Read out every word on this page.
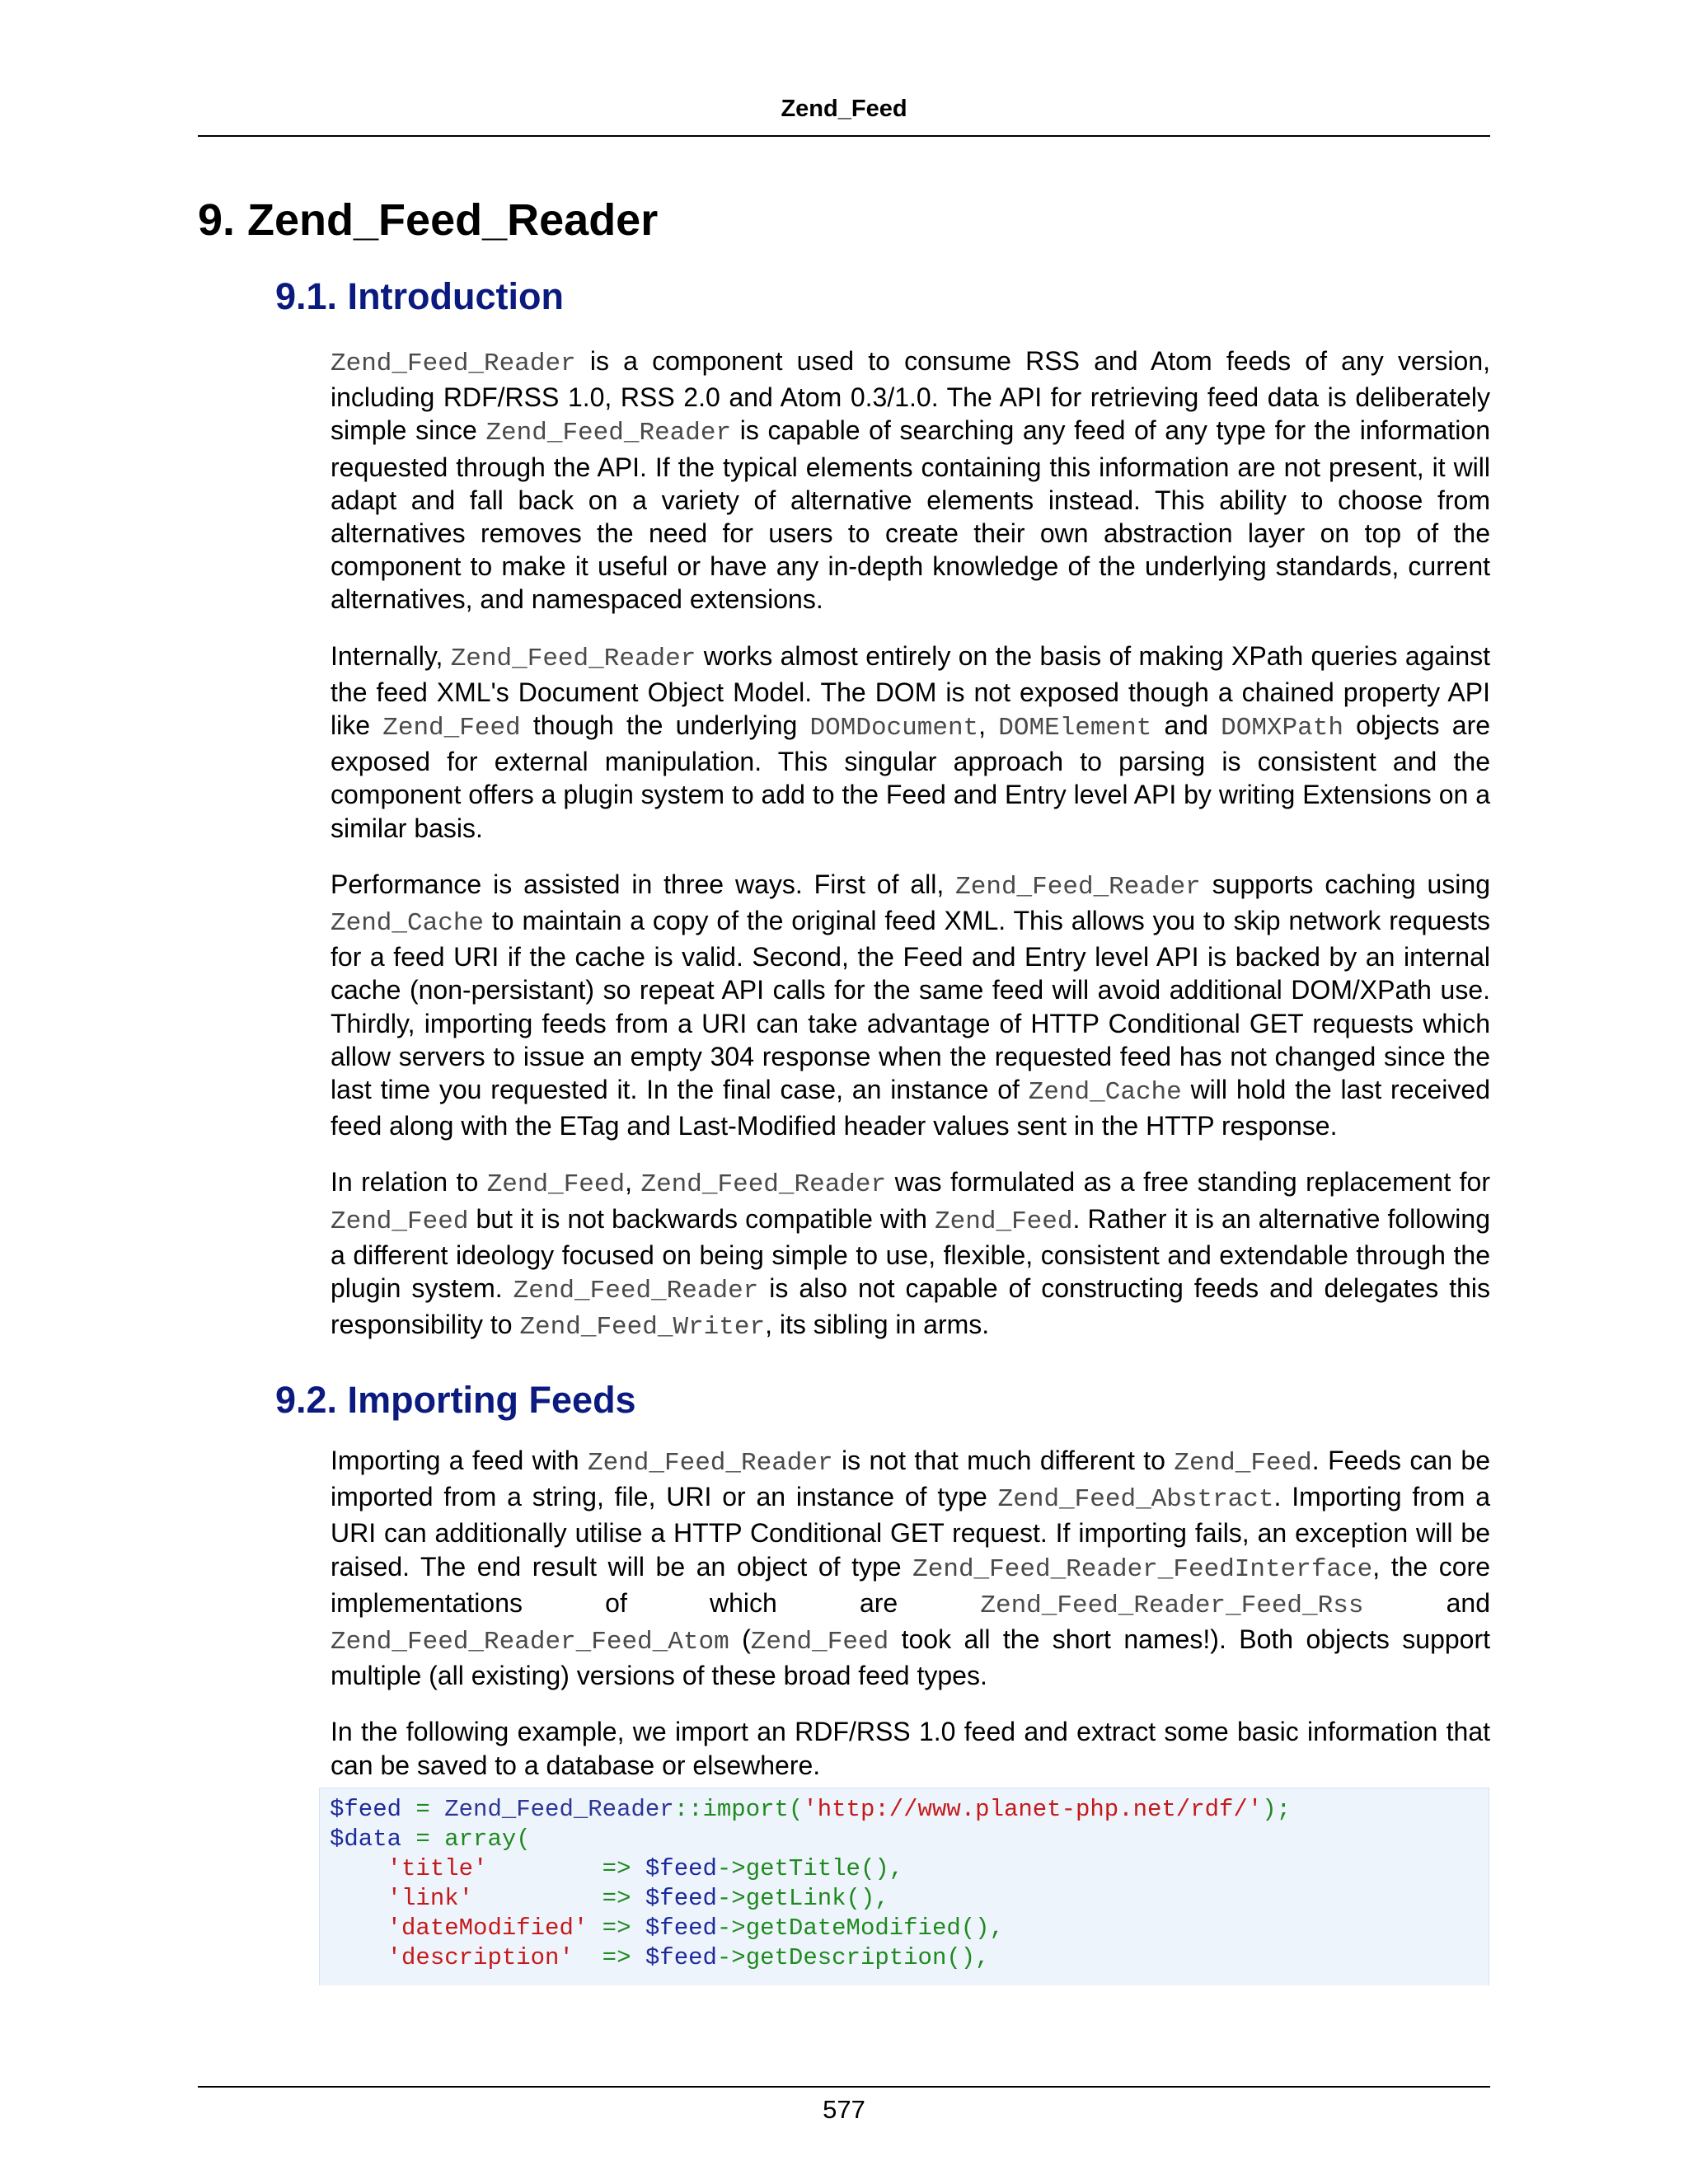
Zend_Feed
9. Zend_Feed_Reader
9.1. Introduction

Zend_Feed_Reader is a component used to consume RSS and Atom feeds of any version, including RDF/RSS 1.0, RSS 2.0 and Atom 0.3/1.0. The API for retrieving feed data is deliberately simple since Zend_Feed_Reader is capable of searching any feed of any type for the information requested through the API. If the typical elements containing this information are not present, it will adapt and fall back on a variety of alternative elements instead. This ability to choose from alternatives removes the need for users to create their own abstraction layer on top of the component to make it useful or have any in-depth knowledge of the underlying standards, current alternatives, and namespaced extensions.

Internally, Zend_Feed_Reader works almost entirely on the basis of making XPath queries against the feed XML's Document Object Model. The DOM is not exposed though a chained property API like Zend_Feed though the underlying DOMDocument, DOMElement and DOMXPath objects are exposed for external manipulation. This singular approach to parsing is consistent and the component offers a plugin system to add to the Feed and Entry level API by writing Extensions on a similar basis.

Performance is assisted in three ways. First of all, Zend_Feed_Reader supports caching using Zend_Cache to maintain a copy of the original feed XML. This allows you to skip network requests for a feed URI if the cache is valid. Second, the Feed and Entry level API is backed by an internal cache (non-persistant) so repeat API calls for the same feed will avoid additional DOM/XPath use. Thirdly, importing feeds from a URI can take advantage of HTTP Conditional GET requests which allow servers to issue an empty 304 response when the requested feed has not changed since the last time you requested it. In the final case, an instance of Zend_Cache will hold the last received feed along with the ETag and Last-Modified header values sent in the HTTP response.

In relation to Zend_Feed, Zend_Feed_Reader was formulated as a free standing replacement for Zend_Feed but it is not backwards compatible with Zend_Feed. Rather it is an alternative following a different ideology focused on being simple to use, flexible, consistent and extendable through the plugin system. Zend_Feed_Reader is also not capable of constructing feeds and delegates this responsibility to Zend_Feed_Writer, its sibling in arms.

9.2. Importing Feeds

Importing a feed with Zend_Feed_Reader is not that much different to Zend_Feed. Feeds can be imported from a string, file, URI or an instance of type Zend_Feed_Abstract. Importing from a URI can additionally utilise a HTTP Conditional GET request. If importing fails, an exception will be raised. The end result will be an object of type Zend_Feed_Reader_FeedInterface, the core implementations of which are Zend_Feed_Reader_Feed_Rss and Zend_Feed_Reader_Feed_Atom (Zend_Feed took all the short names!). Both objects support multiple (all existing) versions of these broad feed types.

In the following example, we import an RDF/RSS 1.0 feed and extract some basic information that can be saved to a database or elsewhere.

$feed = Zend_Feed_Reader::import('http://www.planet-php.net/rdf/');
$data = array(
'title'        => $feed->getTitle(),
'link'         => $feed->getLink(),
'dateModified' => $feed->getDateModified(),
'description'  => $feed->getDescription(),
577
